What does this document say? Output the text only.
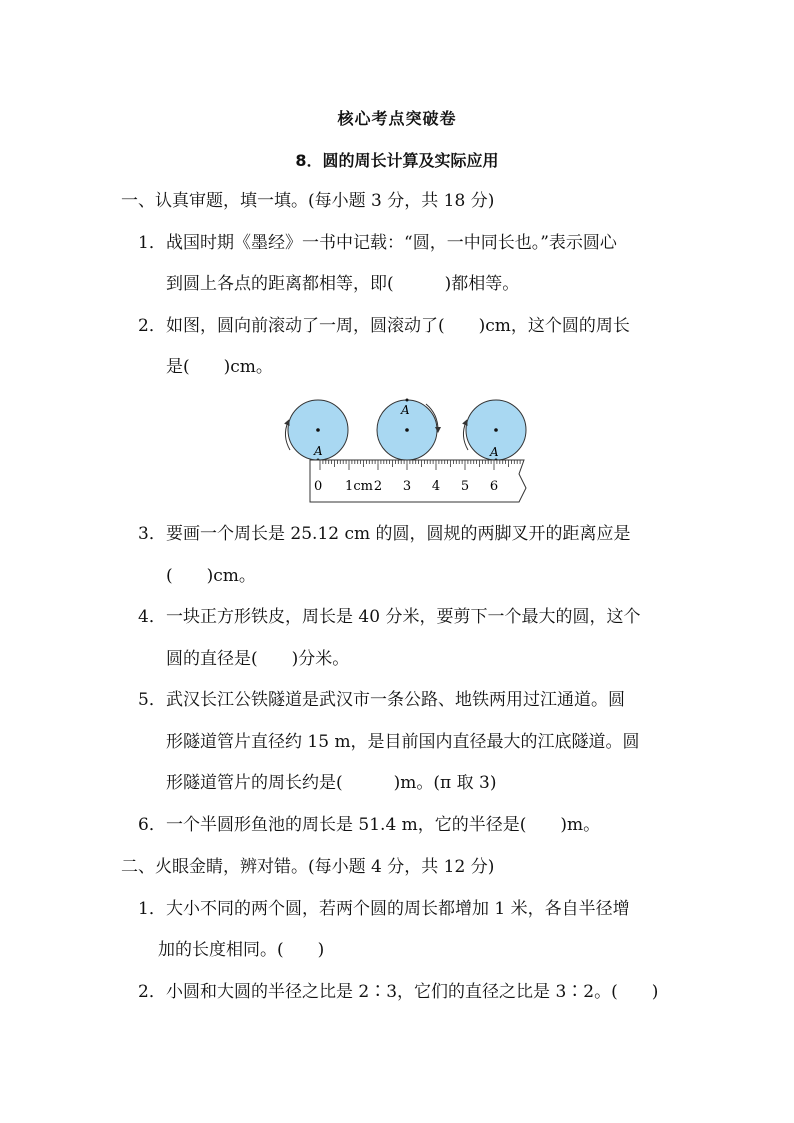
核心考点突破卷
8．圆的周长计算及实际应用
一、认真审题，填一填。(每小题 3 分，共 18 分)
1．战国时期《墨经》一书中记载：“圆，一中同长也。”表示圆心
到圆上各点的距离都相等，即(　　　)都相等。
2．如图，圆向前滚动了一周，圆滚动了(　　)cm，这个圆的周长
是(　　)cm。
A
A
A
0 1cm 2 3 4 5 6
3．要画一个周长是 25.12 cm 的圆，圆规的两脚叉开的距离应是
(　　)cm。
4．一块正方形铁皮，周长是 40 分米，要剪下一个最大的圆，这个
圆的直径是(　　)分米。
5．武汉长江公铁隧道是武汉市一条公路、地铁两用过江通道。圆
形隧道管片直径约 15 m，是目前国内直径最大的江底隧道。圆
形隧道管片的周长约是(　　　)m。(π 取 3)
6．一个半圆形鱼池的周长是 51.4 m，它的半径是(　　)m。
二、火眼金睛，辨对错。(每小题 4 分，共 12 分)
1．大小不同的两个圆，若两个圆的周长都增加 1 米，各自半径增
加的长度相同。(　　)
2．小圆和大圆的半径之比是 2∶3，它们的直径之比是 3∶2。(　　)
